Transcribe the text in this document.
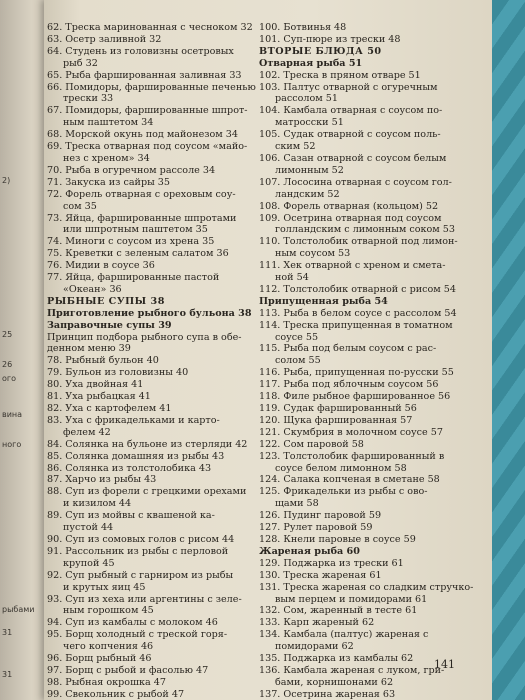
2)
25
26
ого
вина
ного
рыбами
31
31
62. Треска маринованная с чесноком 32
63. Осетр заливной 32
64. Студень из головизны осетровых
рыб 32
65. Рыба фаршированная заливная 33
66. Помидоры, фаршированные печенью
трески 33
67. Помидоры, фаршированные шпрот-
ным паштетом 34
68. Морской окунь под майонезом 34
69. Треска отварная под соусом «майо-
нез с хреном» 34
70. Рыба в огуречном рассоле 34
71. Закуска из сайры 35
72. Форель отварная с ореховым соу-
сом 35
73. Яйца, фаршированные шпротами
или шпротным паштетом 35
74. Миноги с соусом из хрена 35
75. Креветки с зеленым салатом 36
76. Мидии в соусе 36
77. Яйца, фаршированные пастой
«Океан» 36
РЫБНЫЕ СУПЫ 38
Приготовление рыбного бульона 38
Заправочные супы 39
Принцип подбора рыбного супа в обе-
денном меню 39
78. Рыбный бульон 40
79. Бульон из головизны 40
80. Уха двойная 41
81. Уха рыбацкая 41
82. Уха с картофелем 41
83. Уха с фрикадельками и карто-
фелем 42
84. Солянка на бульоне из стерляди 42
85. Солянка домашняя из рыбы 43
86. Солянка из толстолобика 43
87. Харчо из рыбы 43
88. Суп из форели с грецкими орехами
и кизилом 44
89. Суп из мойвы с квашеной ка-
пустой 44
90. Суп из сомовых голов с рисом 44
91. Рассольник из рыбы с перловой
крупой 45
92. Суп рыбный с гарниром из рыбы
и крутых яиц 45
93. Суп из хеха или аргентины с зеле-
ным горошком 45
94. Суп из камбалы с молоком 46
95. Борщ холодный с треской горя-
чего копчения 46
96. Борщ рыбный 46
97. Борщ с рыбой и фасолью 47
98. Рыбная окрошка 47
99. Свекольник с рыбой 47
100. Ботвинья 48
101. Суп-пюре из трески 48
ВТОРЫЕ БЛЮДА 50
Отварная рыба 51
102. Треска в пряном отваре 51
103. Палтус отварной с огуречным
рассолом 51
104. Камбала отварная с соусом по-
матросски 51
105. Судак отварной с соусом поль-
ским 52
106. Сазан отварной с соусом белым
лимонным 52
107. Лососина отварная с соусом гол-
ландским 52
108. Форель отварная (кольцом) 52
109. Осетрина отварная под соусом
голландским с лимонным соком 53
110. Толстолобик отварной под лимон-
ным соусом 53
111. Хек отварной с хреном и смета-
ной 54
112. Толстолобик отварной с рисом 54
Припущенная рыба 54
113. Рыба в белом соусе с рассолом 54
114. Треска припущенная в томатном
соусе 55
115. Рыба под белым соусом с рас-
солом 55
116. Рыба, припущенная по-русски 55
117. Рыба под яблочным соусом 56
118. Филе рыбное фаршированное 56
119. Судак фаршированный 56
120. Щука фаршированная 57
121. Скумбрия в молочном соусе 57
122. Сом паровой 58
123. Толстолобик фаршированный в
соусе белом лимонном 58
124. Салака копченая в сметане 58
125. Фрикадельки из рыбы с ово-
щами 58
126. Пудинг паровой 59
127. Рулет паровой 59
128. Кнели паровые в соусе 59
Жареная рыба 60
129. Поджарка из трески 61
130. Треска жареная 61
131. Треска жареная со сладким стручко-
вым перцем и помидорами 61
132. Сом, жаренный в тесте 61
133. Карп жареный 62
134. Камбала (палтус) жареная с
помидорами 62
135. Поджарка из камбалы 62
136. Камбала жареная с луком, гри-
бами, корнишонами 62
137. Осетрина жареная 63
141
